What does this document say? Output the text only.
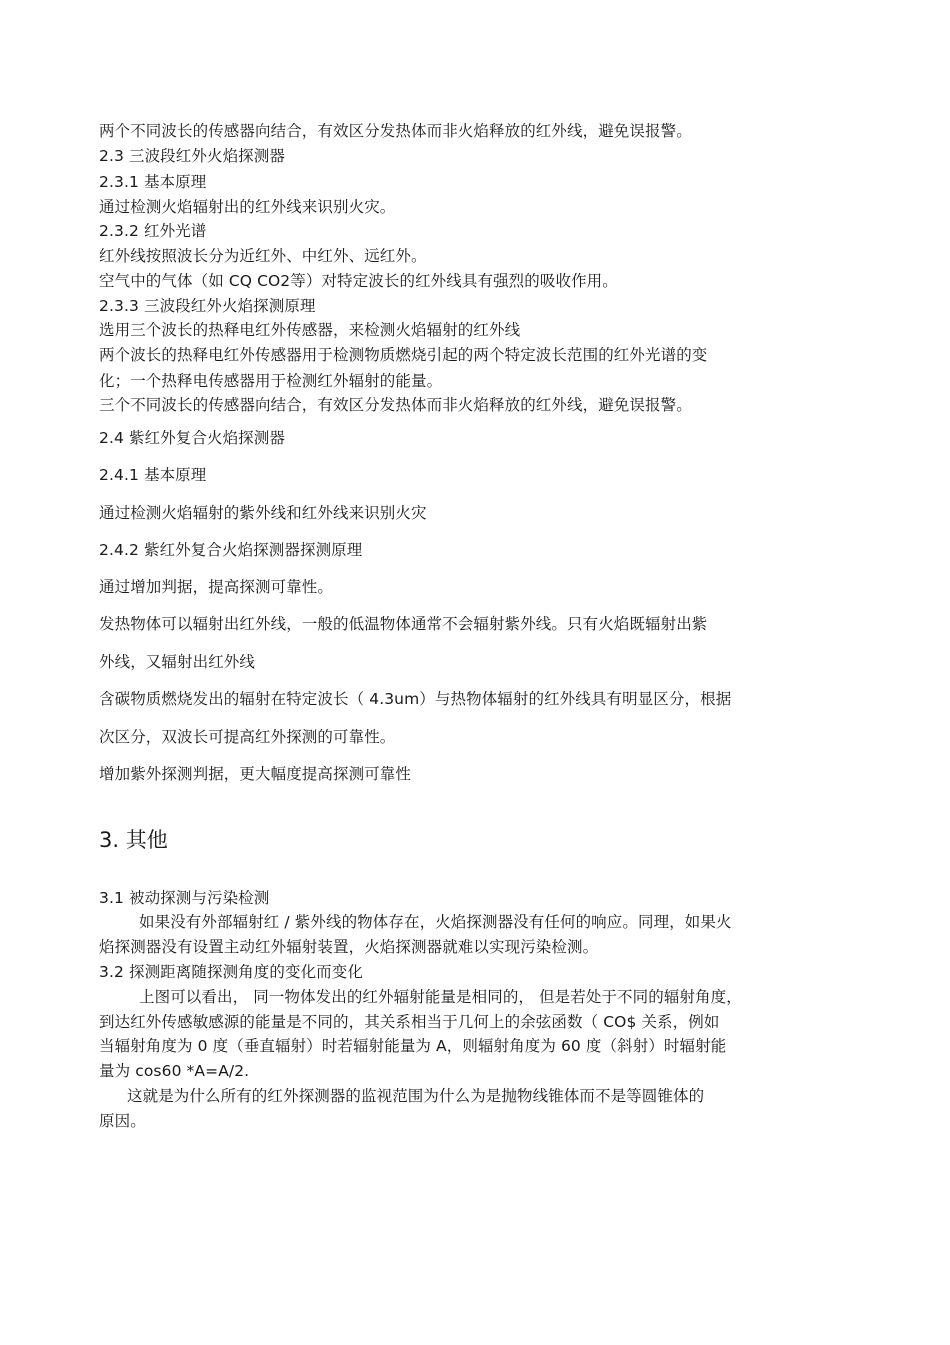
两个不同波长的传感器向结合，有效区分发热体而非火焰释放的红外线，避免误报警。
2.3 三波段红外火焰探测器
2.3.1 基本原理
通过检测火焰辐射出的红外线来识别火灾。
2.3.2 红外光谱
红外线按照波长分为近红外、中红外、远红外。
空气中的气体（如 CQ CO2等）对特定波长的红外线具有强烈的吸收作用。
2.3.3 三波段红外火焰探测原理
选用三个波长的热释电红外传感器，来检测火焰辐射的红外线
两个波长的热释电红外传感器用于检测物质燃烧引起的两个特定波长范围的红外光谱的变
化；一个热释电传感器用于检测红外辐射的能量。
三个不同波长的传感器向结合，有效区分发热体而非火焰释放的红外线，避免误报警。
2.4 紫红外复合火焰探测器
2.4.1 基本原理
通过检测火焰辐射的紫外线和红外线来识别火灾
2.4.2 紫红外复合火焰探测器探测原理
通过增加判据，提高探测可靠性。
发热物体可以辐射出红外线，一般的低温物体通常不会辐射紫外线。只有火焰既辐射出紫
外线，又辐射出红外线
含碳物质燃烧发出的辐射在特定波长（ 4.3um）与热物体辐射的红外线具有明显区分，根据
次区分，双波长可提高红外探测的可靠性。
增加紫外探测判据，更大幅度提高探测可靠性
3. 其他
3.1 被动探测与污染检测
如果没有外部辐射红 / 紫外线的物体存在，火焰探测器没有任何的响应。同理，如果火
焰探测器没有设置主动红外辐射装置，火焰探测器就难以实现污染检测。
3.2 探测距离随探测角度的变化而变化
上图可以看出， 同一物体发出的红外辐射能量是相同的， 但是若处于不同的辐射角度，
到达红外传感敏感源的能量是不同的，其关系相当于几何上的余弦函数（ CO$ 关系，例如
当辐射角度为 0 度（垂直辐射）时若辐射能量为 A，则辐射角度为 60 度（斜射）时辐射能
量为 cos60 *A=A/2.
这就是为什么所有的红外探测器的监视范围为什么为是抛物线锥体而不是等圆锥体的
原因。
